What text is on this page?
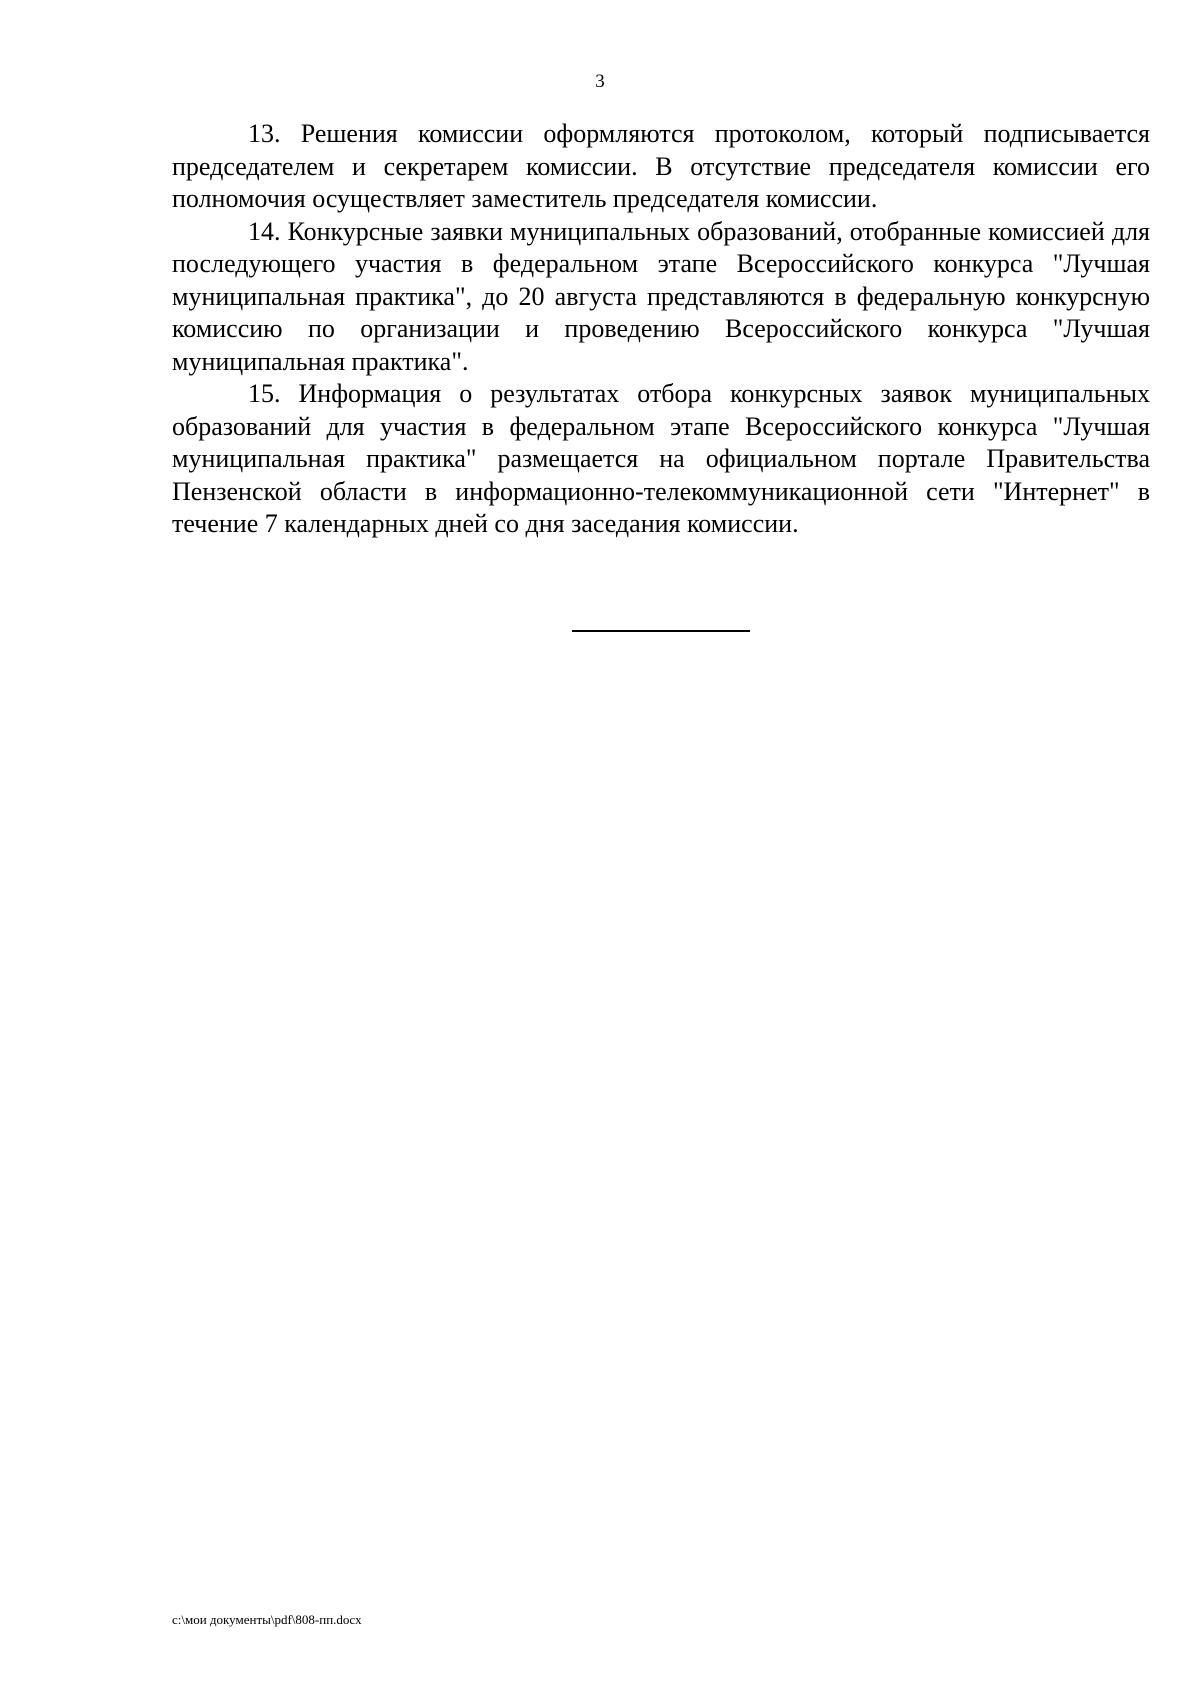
3

13. Решения комиссии оформляются протоколом, который подписывается председателем и секретарем комиссии. В отсутствие председателя комиссии его полномочия осуществляет заместитель председателя комиссии.

14. Конкурсные заявки муниципальных образований, отобранные комиссией для последующего участия в федеральном этапе Всероссийского конкурса "Лучшая муниципальная практика", до 20 августа представляются в федеральную конкурсную комиссию по организации и проведению Всероссийского конкурса "Лучшая муниципальная практика".

15. Информация о результатах отбора конкурсных заявок муниципальных образований для участия в федеральном этапе Всероссийского конкурса "Лучшая муниципальная практика" размещается на официальном портале Правительства Пензенской области в информационно-телекоммуникационной сети "Интернет" в течение 7 календарных дней со дня заседания комиссии.

c:\мои документы\pdf\808-пп.docx
